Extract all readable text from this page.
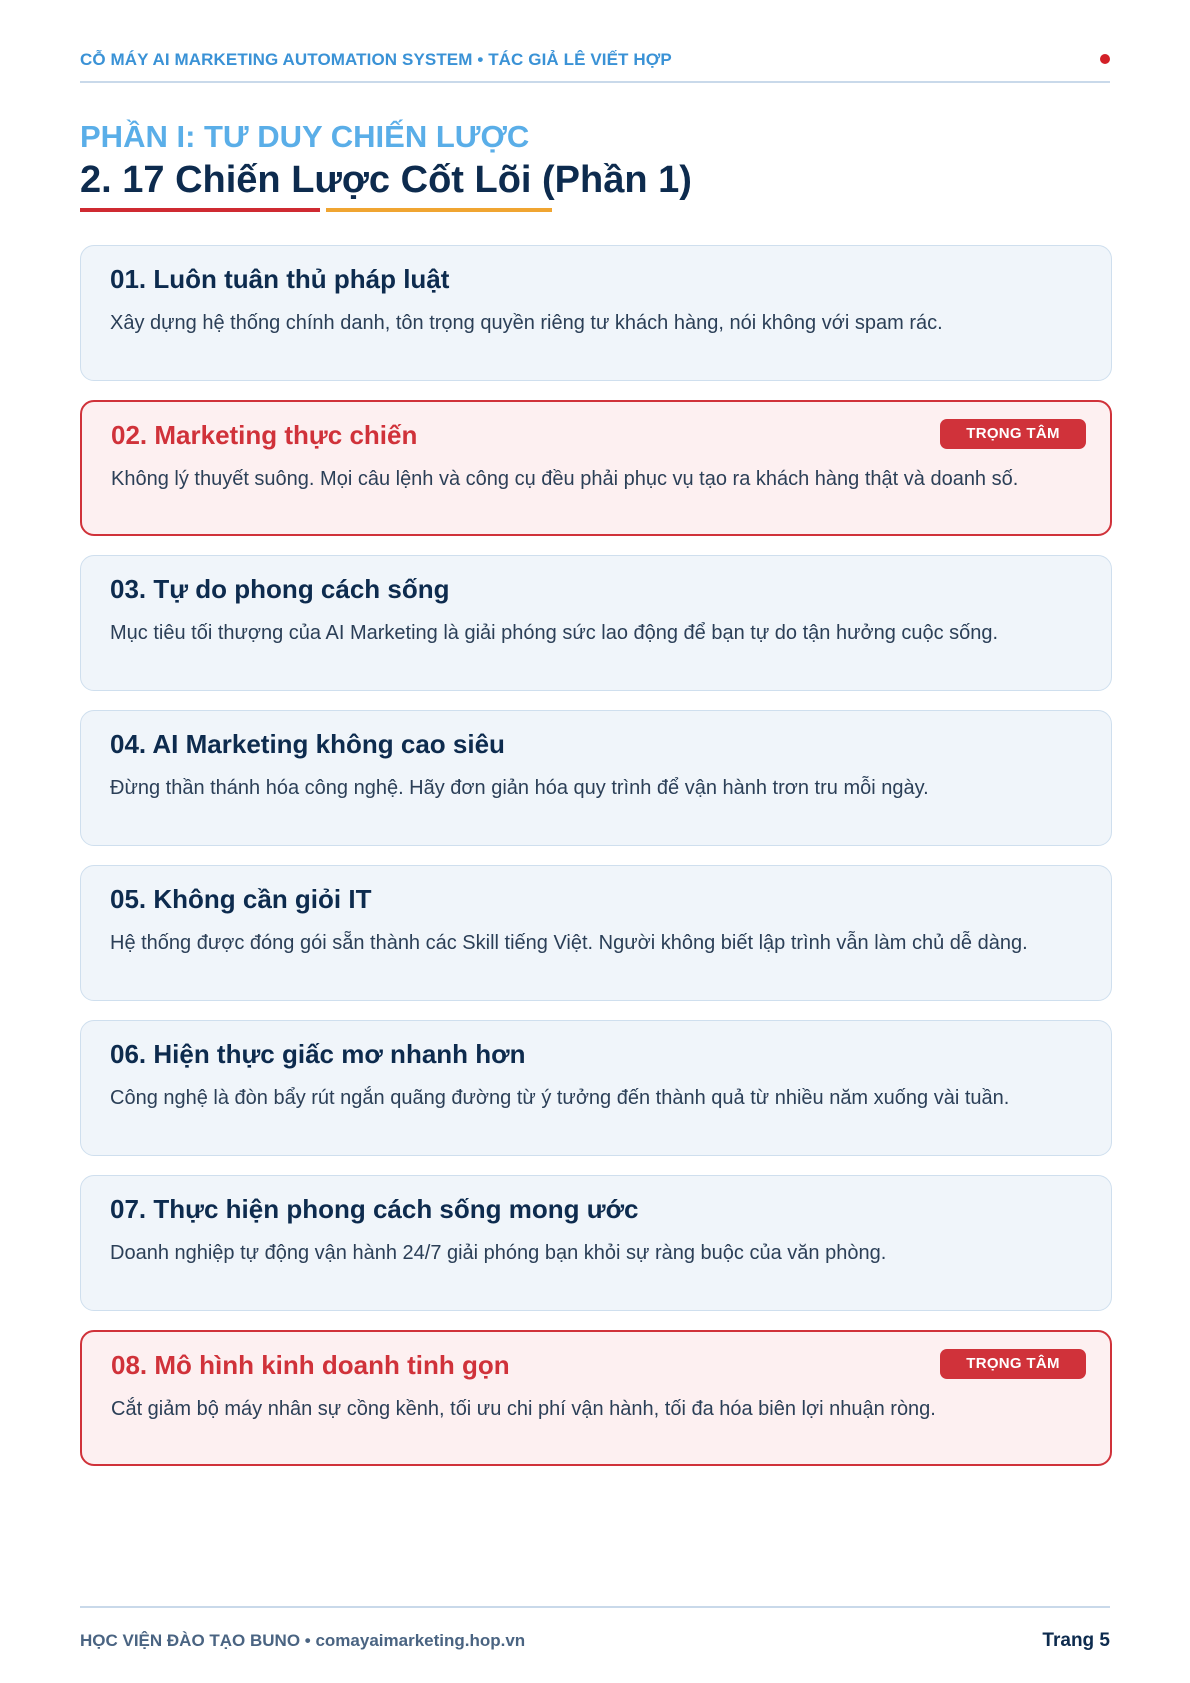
CỖ MÁY AI MARKETING AUTOMATION SYSTEM • TÁC GIẢ LÊ VIẾT HỢP
PHẦN I: TƯ DUY CHIẾN LƯỢC
2. 17 Chiến Lược Cốt Lõi (Phần 1)
01. Luôn tuân thủ pháp luật
Xây dựng hệ thống chính danh, tôn trọng quyền riêng tư khách hàng, nói không với spam rác.
02. Marketing thực chiến	TRỌNG TÂM
Không lý thuyết suông. Mọi câu lệnh và công cụ đều phải phục vụ tạo ra khách hàng thật và doanh số.
03. Tự do phong cách sống
Mục tiêu tối thượng của AI Marketing là giải phóng sức lao động để bạn tự do tận hưởng cuộc sống.
04. AI Marketing không cao siêu
Đừng thần thánh hóa công nghệ. Hãy đơn giản hóa quy trình để vận hành trơn tru mỗi ngày.
05. Không cần giỏi IT
Hệ thống được đóng gói sẵn thành các Skill tiếng Việt. Người không biết lập trình vẫn làm chủ dễ dàng.
06. Hiện thực giấc mơ nhanh hơn
Công nghệ là đòn bẩy rút ngắn quãng đường từ ý tưởng đến thành quả từ nhiều năm xuống vài tuần.
07. Thực hiện phong cách sống mong ước
Doanh nghiệp tự động vận hành 24/7 giải phóng bạn khỏi sự ràng buộc của văn phòng.
08. Mô hình kinh doanh tinh gọn	TRỌNG TÂM
Cắt giảm bộ máy nhân sự cồng kềnh, tối ưu chi phí vận hành, tối đa hóa biên lợi nhuận ròng.
HỌC VIỆN ĐÀO TẠO BUNO • comayaimarketing.hop.vn	Trang 5
